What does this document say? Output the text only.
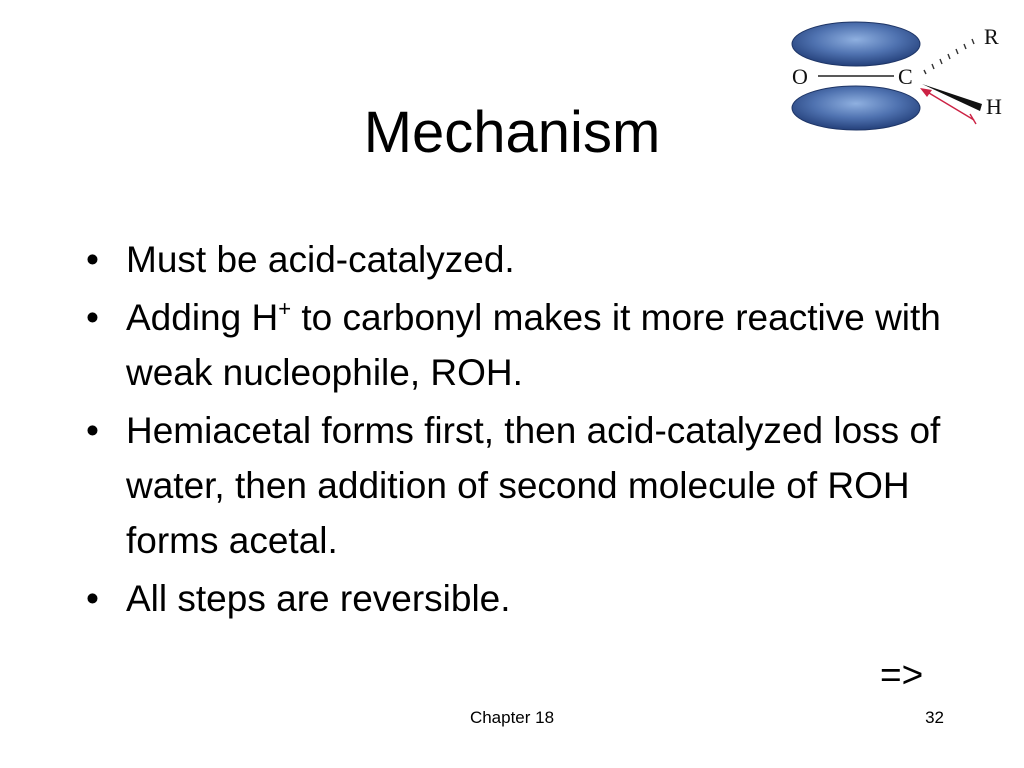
Mechanism
O	C
R
H
• Must be acid-catalyzed.
• Adding H+ to carbonyl makes it more reactive with weak nucleophile, ROH.
• Hemiacetal forms first, then acid-catalyzed loss of water, then addition of second molecule of ROH forms acetal.
• All steps are reversible.
=>
Chapter 18	32
